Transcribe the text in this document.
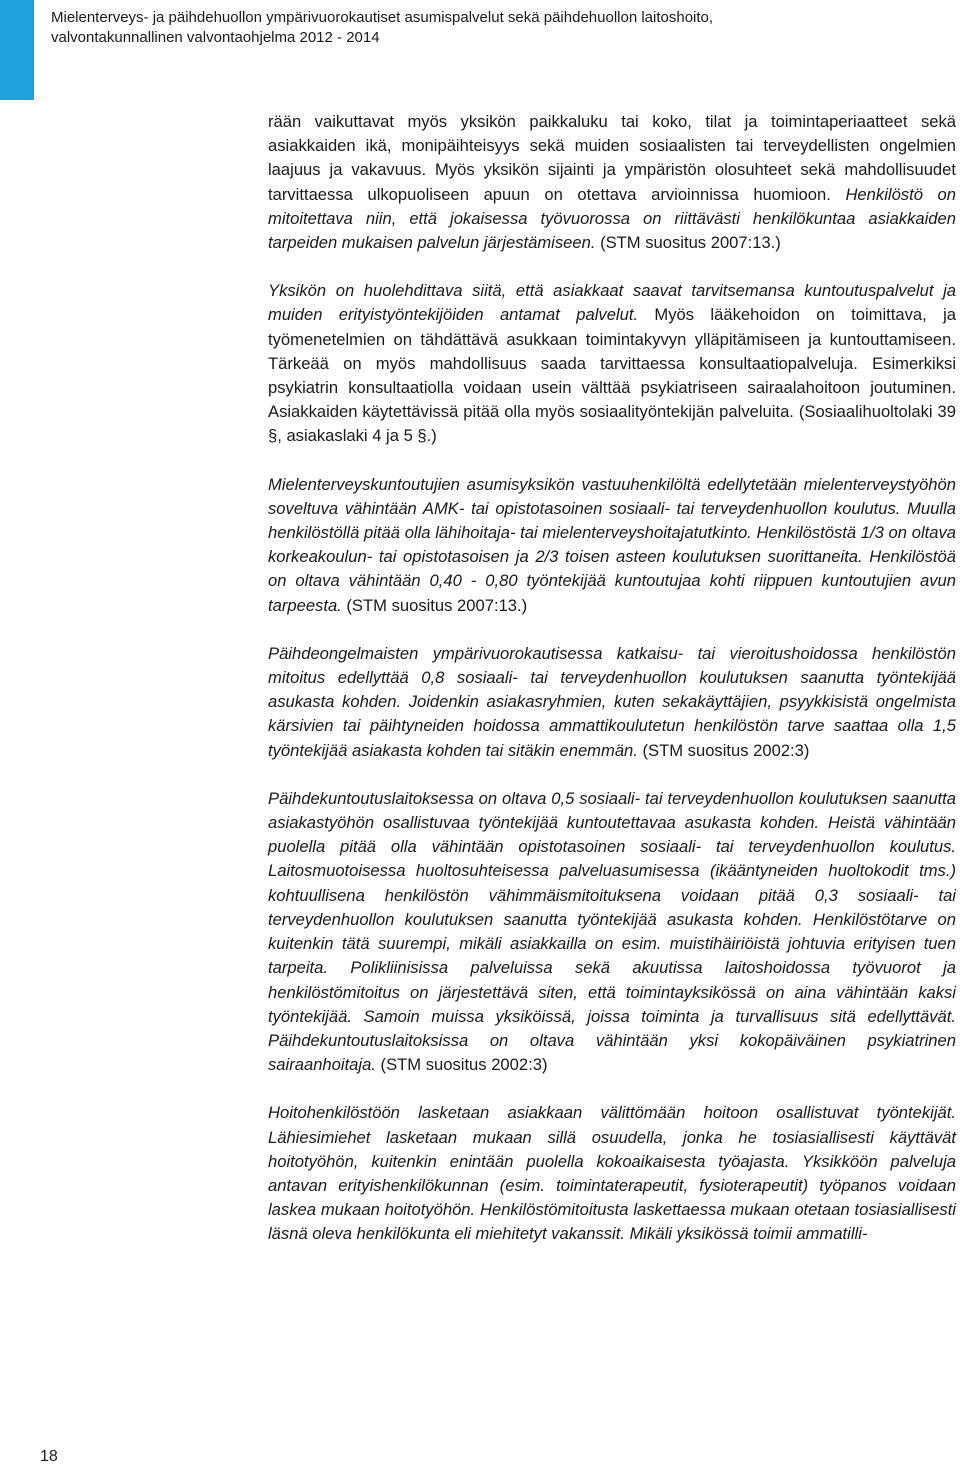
Mielenterveys- ja päihdehuollon ympärivuorokautiset asumispalvelut sekä päihdehuollon laitoshoito,
valvontakunnallinen valvontaohjelma 2012 - 2014

rään vaikuttavat myös yksikön paikkaluku tai koko, tilat ja toimintaperiaatteet sekä asiakkaiden ikä, monipäihteisyys sekä muiden sosiaalisten tai terveydellisten ongelmien laajuus ja vakavuus. Myös yksikön sijainti ja ympäristön olosuhteet sekä mahdollisuudet tarvittaessa ulkopuoliseen apuun on otettava arvioinnissa huomioon. Henkilöstö on mitoitettava niin, että jokaisessa työvuorossa on riittävästi henkilökuntaa asiakkaiden tarpeiden mukaisen palvelun järjestämiseen. (STM suositus 2007:13.)

Yksikön on huolehdittava siitä, että asiakkaat saavat tarvitsemansa kuntoutuspalvelut ja muiden erityistyöntekijöiden antamat palvelut. Myös lääkehoidon on toimittava, ja työmenetelmien on tähdättävä asukkaan toimintakyvyn ylläpitämiseen ja kuntouttamiseen. Tärkeää on myös mahdollisuus saada tarvittaessa konsultaatiopalveluja. Esimerkiksi psykiatrin konsultaatiolla voidaan usein välttää psykiatriseen sairaalahoitoon joutuminen. Asiakkaiden käytettävissä pitää olla myös sosiaalityöntekijän palveluita. (Sosiaalihuoltolaki 39 §, asiakaslaki 4 ja 5 §.)

Mielenterveyskuntoutujien asumisyksikön vastuuhenkilöltä edellytetään mielenterveystyöhön soveltuva vähintään AMK- tai opistotasoinen sosiaali- tai terveydenhuollon koulutus. Muulla henkilöstöllä pitää olla lähihoitaja- tai mielenterveyshoitajatutkinto. Henkilöstöstä 1/3 on oltava korkeakoulun- tai opistotasoisen ja 2/3 toisen asteen koulutuksen suorittaneita. Henkilöstöä on oltava vähintään 0,40 - 0,80 työntekijää kuntoutujaa kohti riippuen kuntoutujien avun tarpeesta. (STM suositus 2007:13.)

Päihdeongelmaisten ympärivuorokautisessa katkaisu- tai vieroitushoidossa henkilöstön mitoitus edellyttää 0,8 sosiaali- tai terveydenhuollon koulutuksen saanutta työntekijää asukasta kohden. Joidenkin asiakasryhmien, kuten sekakäyttäjien, psyykkisistä ongelmista kärsivien tai päihtyneiden hoidossa ammattikoulutetun henkilöstön tarve saattaa olla 1,5 työntekijää asiakasta kohden tai sitäkin enemmän. (STM suositus 2002:3)

Päihdekuntoutuslaitoksessa on oltava 0,5 sosiaali- tai terveydenhuollon koulutuksen saanutta asiakastyöhön osallistuvaa työntekijää kuntoutettavaa asukasta kohden. Heistä vähintään puolella pitää olla vähintään opistotasoinen sosiaali- tai terveydenhuollon koulutus. Laitosmuotoisessa huoltosuhteisessa palveluasumisessa (ikääntyneiden huoltokodit tms.) kohtuullisena henkilöstön vähimmäismitoituksena voidaan pitää 0,3 sosiaali- tai terveydenhuollon koulutuksen saanutta työntekijää asukasta kohden. Henkilöstötarve on kuitenkin tätä suurempi, mikäli asiakkailla on esim. muistihäiriöistä johtuvia erityisen tuen tarpeita. Polikliinisissa palveluissa sekä akuutissa laitoshoidossa työvuorot ja henkilöstömitoitus on järjestettävä siten, että toimintayksikössä on aina vähintään kaksi työntekijää. Samoin muissa yksiköissä, joissa toiminta ja turvallisuus sitä edellyttävät. Päihdekuntoutuslaitoksissa on oltava vähintään yksi kokopäiväinen psykiatrinen sairaanhoitaja. (STM suositus 2002:3)

Hoitohenkilöstöön lasketaan asiakkaan välittömään hoitoon osallistuvat työntekijät. Lähiesimiehet lasketaan mukaan sillä osuudella, jonka he tosiasiallisesti käyttävät hoitotyöhön, kuitenkin enintään puolella kokoaikaisesta työajasta. Yksikköön palveluja antavan erityishenkilökunnan (esim. toimintaterapeutit, fysioterapeutit) työpanos voidaan laskea mukaan hoitotyöhön. Henkilöstömitoitusta laskettaessa mukaan otetaan tosiasiallisesti läsnä oleva henkilökunta eli miehitetyt vakanssit. Mikäli yksikössä toimii ammatilli-

18
